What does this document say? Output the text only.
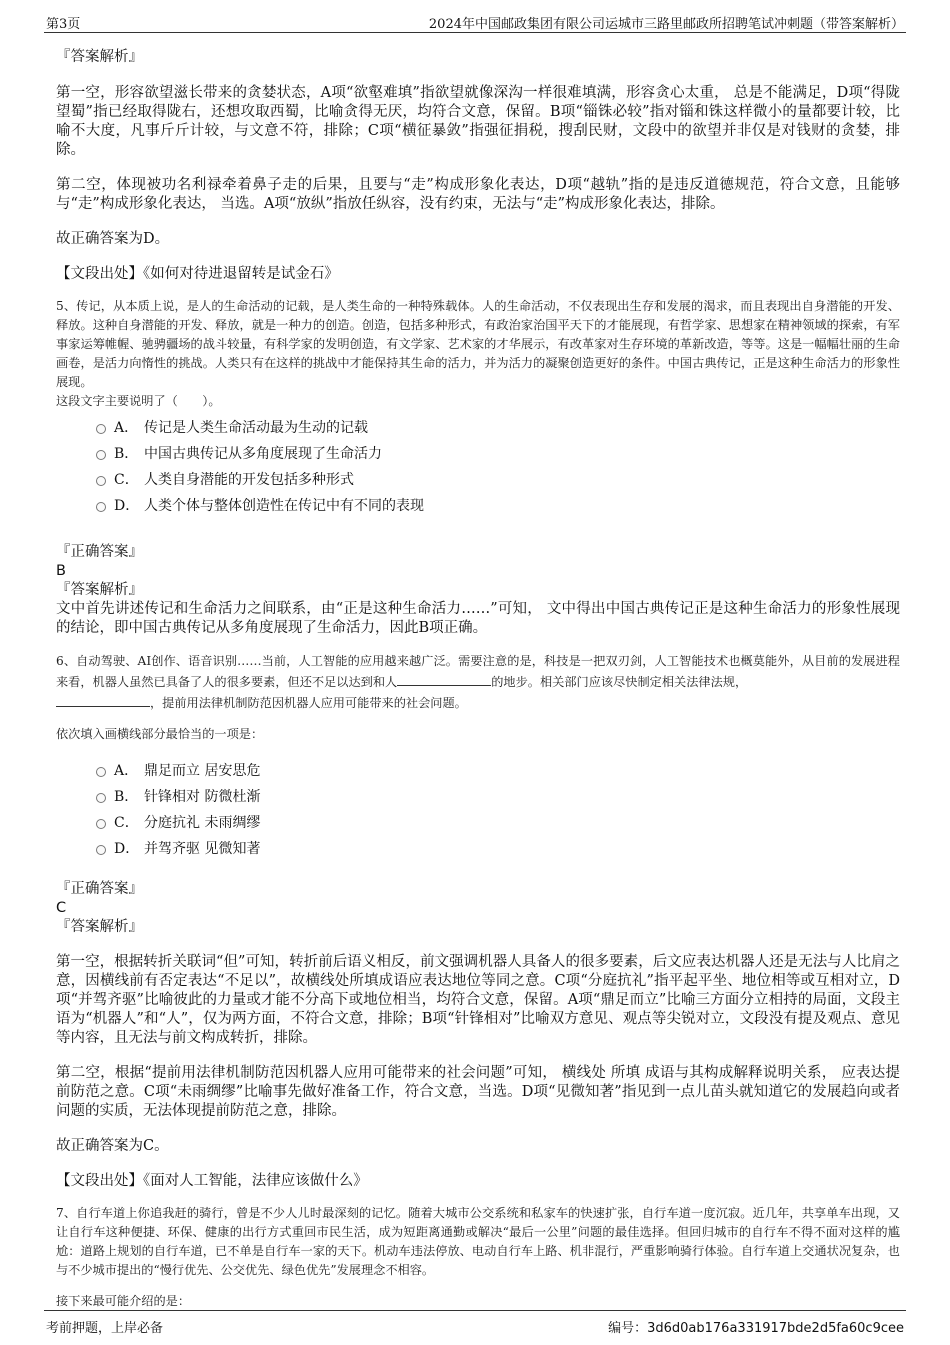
第3页	2024年中国邮政集团有限公司运城市三路里邮政所招聘笔试冲刺题（带答案解析）

『答案解析』

第一空，形容欲望滋长带来的贪婪状态，A项“欲壑难填”指欲望就像深沟一样很难填满，形容贪心太重， 总是不能满足，D项“得陇望蜀”指已经取得陇右，还想攻取西蜀，比喻贪得无厌，均符合文意，保留。B项“锱铢必较”指对锱和铢这样微小的量都要计较，比喻不大度，凡事斤斤计较，与文意不符，排除；C项“横征暴敛”指强征捐税，搜刮民财，文段中的欲望并非仅是对钱财的贪婪，排除。

第二空，体现被功名利禄牵着鼻子走的后果，且要与“走”构成形象化表达，D项“越轨”指的是违反道德规范，符合文意，且能够与“走”构成形象化表达， 当选。A项“放纵”指放任纵容，没有约束，无法与“走”构成形象化表达，排除。

故正确答案为D。

【文段出处】《如何对待进退留转是试金石》

5、传记，从本质上说，是人的生命活动的记载，是人类生命的一种特殊载体。人的生命活动，不仅表现出生存和发展的渴求，而且表现出自身潜能的开发、释放。这种自身潜能的开发、释放，就是一种力的创造。创造，包括多种形式，有政治家治国平天下的才能展现，有哲学家、思想家在精神领域的探索，有军事家运筹帷幄、驰骋疆场的战斗较量，有科学家的发明创造，有文学家、艺术家的才华展示，有改革家对生存环境的革新改造，等等。这是一幅幅壮丽的生命画卷，是活力向惰性的挑战。人类只有在这样的挑战中才能保持其生命的活力，并为活力的凝聚创造更好的条件。中国古典传记，正是这种生命活力的形象性展现。

这段文字主要说明了（　　）。

A． 传记是人类生命活动最为生动的记载
B． 中国古典传记从多角度展现了生命活力
C． 人类自身潜能的开发包括多种形式
D． 人类个体与整体创造性在传记中有不同的表现

『正确答案』

B

『答案解析』

文中首先讲述传记和生命活力之间联系，由“正是这种生命活力……”可知， 文中得出中国古典传记正是这种生命活力的形象性展现的结论，即中国古典传记从多角度展现了生命活力，因此B项正确。

6、自动驾驶、AI创作、语音识别……当前，人工智能的应用越来越广泛。需要注意的是，科技是一把双刃剑，人工智能技术也概莫能外，从目前的发展进程来看，机器人虽然已具备了人的很多要素，但还不足以达到和人	的地步。相关部门应该尽快制定相关法律法规，
，提前用法律机制防范因机器人应用可能带来的社会问题。

依次填入画横线部分最恰当的一项是：

A． 鼎足而立 居安思危
B． 针锋相对 防微杜渐
C． 分庭抗礼 未雨绸缪
D． 并驾齐驱 见微知著

『正确答案』

C

『答案解析』

第一空，根据转折关联词“但”可知，转折前后语义相反，前文强调机器人具备人的很多要素，后文应表达机器人还是无法与人比肩之意，因横线前有否定表达“不足以”，故横线处所填成语应表达地位等同之意。C项“分庭抗礼”指平起平坐、地位相等或互相对立，D项“并驾齐驱”比喻彼此的力量或才能不分高下或地位相当，均符合文意，保留。A项“鼎足而立”比喻三方面分立相持的局面，文段主语为“机器人”和“人”，仅为两方面，不符合文意，排除；B项“针锋相对”比喻双方意见、观点等尖锐对立，文段没有提及观点、意见等内容，且无法与前文构成转折，排除。

第二空，根据“提前用法律机制防范因机器人应用可能带来的社会问题”可知， 横线处 所填 成语与其构成解释说明关系， 应表达提前防范之意。C项“未雨绸缪”比喻事先做好准备工作，符合文意，当选。D项“见微知著”指见到一点儿苗头就知道它的发展趋向或者问题的实质，无法体现提前防范之意，排除。

故正确答案为C。

【文段出处】《面对人工智能，法律应该做什么》

7、自行车道上你追我赶的骑行，曾是不少人儿时最深刻的记忆。随着大城市公交系统和私家车的快速扩张，自行车道一度沉寂。近几年，共享单车出现，又让自行车这种便捷、环保、健康的出行方式重回市民生活，成为短距离通勤或解决“最后一公里”问题的最佳选择。但回归城市的自行车不得不面对这样的尴尬：道路上规划的自行车道，已不单是自行车一家的天下。机动车违法停放、电动自行车上路、机非混行，严重影响骑行体验。自行车道上交通状况复杂，也与不少城市提出的“慢行优先、公交优先、绿色优先”发展理念不相容。

接下来最可能介绍的是：

考前押题，上岸必备	编号：3d6d0ab176a331917bde2d5fa60c9cee
